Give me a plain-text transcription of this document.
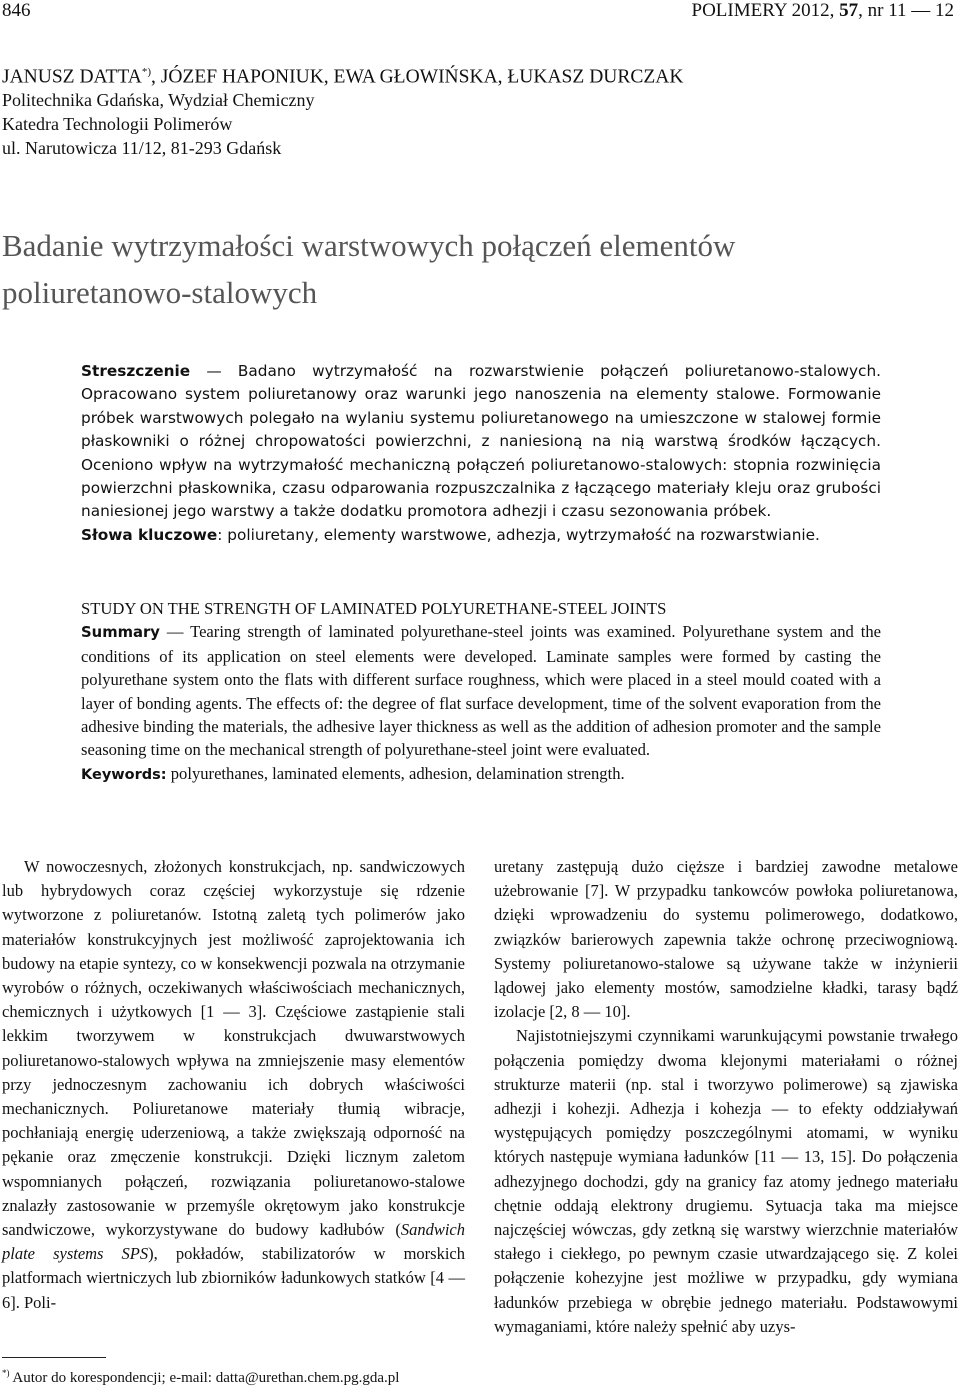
846	POLIMERY 2012, 57, nr 11 — 12
JANUSZ DATTA*), JÓZEF HAPONIUK, EWA GŁOWIŃSKA, ŁUKASZ DURCZAK
Politechnika Gdańska, Wydział Chemiczny
Katedra Technologii Polimerów
ul. Narutowicza 11/12, 81-293 Gdańsk
Badanie wytrzymałości warstwowych połączeń elementów
poliuretanowo-stalowych

Streszczenie — Badano wytrzymałość na rozwarstwienie połączeń poliuretanowo-stalowych. Opracowano system poliuretanowy oraz warunki jego nanoszenia na elementy stalowe. Formowanie próbek warstwowych polegało na wylaniu systemu poliuretanowego na umieszczone w stalowej formie płaskowniki o różnej chropowatości powierzchni, z naniesioną na nią warstwą środków łączących. Oceniono wpływ na wytrzymałość mechaniczną połączeń poliuretanowo-stalowych: stopnia rozwinięcia powierzchni płaskownika, czasu odparowania rozpuszczalnika z łączącego materiały kleju oraz grubości naniesionej jego warstwy a także dodatku promotora adhezji i czasu sezonowania próbek.

Słowa kluczowe: poliuretany, elementy warstwowe, adhezja, wytrzymałość na rozwarstwianie.

STUDY ON THE STRENGTH OF LAMINATED POLYURETHANE-STEEL JOINTS

Summary — Tearing strength of laminated polyurethane-steel joints was examined. Polyurethane system and the conditions of its application on steel elements were developed. Laminate samples were formed by casting the polyurethane system onto the flats with different surface roughness, which were placed in a steel mould coated with a layer of bonding agents. The effects of: the degree of flat surface development, time of the solvent evaporation from the adhesive binding the materials, the adhesive layer thickness as well as the addition of adhesion promoter and the sample seasoning time on the mechanical strength of polyurethane-steel joint were evaluated.

Keywords: polyurethanes, laminated elements, adhesion, delamination strength.

W nowoczesnych, złożonych konstrukcjach, np. sandwiczowych lub hybrydowych coraz częściej wykorzystuje się rdzenie wytworzone z poliuretanów. Istotną zaletą tych polimerów jako materiałów konstrukcyjnych jest możliwość zaprojektowania ich budowy na etapie syntezy, co w konsekwencji pozwala na otrzymanie wyrobów o różnych, oczekiwanych właściwościach mechanicznych, chemicznych i użytkowych [1 — 3]. Częściowe zastąpienie stali lekkim tworzywem w konstrukcjach dwuwarstwowych poliuretanowo-stalowych wpływa na zmniejszenie masy elementów przy jednoczesnym zachowaniu ich dobrych właściwości mechanicznych. Poliuretanowe materiały tłumią wibracje, pochłaniają energię uderzeniową, a także zwiększają odporność na pękanie oraz zmęczenie konstrukcji. Dzięki licznym zaletom wspomnianych połączeń, rozwiązania poliuretanowo-stalowe znalazły zastosowanie w przemyśle okrętowym jako konstrukcje sandwiczowe, wykorzystywane do budowy kadłubów (Sandwich plate systems SPS), pokładów, stabilizatorów w morskich platformach wiertniczych lub zbiorników ładunkowych statków [4 — 6]. Poli-

uretany zastępują dużo cięższe i bardziej zawodne metalowe użebrowanie [7]. W przypadku tankowców powłoka poliuretanowa, dzięki wprowadzeniu do systemu polimerowego, dodatkowo, związków barierowych zapewnia także ochronę przeciwogniową. Systemy poliuretanowo-stalowe są używane także w inżynierii lądowej jako elementy mostów, samodzielne kładki, tarasy bądź izolacje [2, 8 — 10].

Najistotniejszymi czynnikami warunkującymi powstanie trwałego połączenia pomiędzy dwoma klejonymi materiałami o różnej strukturze materii (np. stal i tworzywo polimerowe) są zjawiska adhezji i kohezji. Adhezja i kohezja — to efekty oddziaływań występujących pomiędzy poszczególnymi atomami, w wyniku których następuje wymiana ładunków [11 — 13, 15]. Do połączenia adhezyjnego dochodzi, gdy na granicy faz atomy jednego materiału chętnie oddają elektrony drugiemu. Sytuacja taka ma miejsce najczęściej wówczas, gdy zetkną się warstwy wierzchnie materiałów stałego i ciekłego, po pewnym czasie utwardzającego się. Z kolei połączenie kohezyjne jest możliwe w przypadku, gdy wymiana ładunków przebiega w obrębie jednego materiału. Podstawowymi wymaganiami, które należy spełnić aby uzys-

*) Autor do korespondencji; e-mail: datta@urethan.chem.pg.gda.pl
